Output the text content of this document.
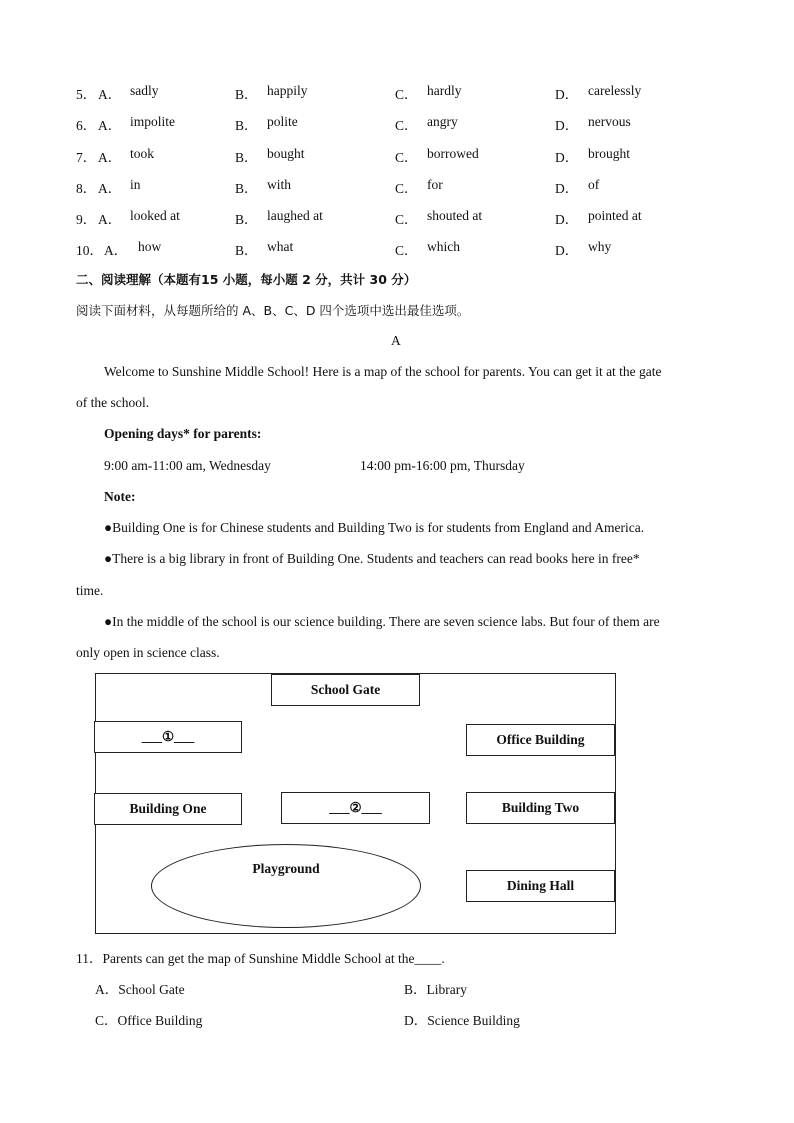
5． A． sadly	B． happily	C． hardly	D． carelessly
6． A． impolite	B． polite	C． angry	D． nervous
7． A． took	B． bought	C． borrowed	D． brought
8． A． in	B． with	C． for	D． of
9． A． looked at	B． laughed at	C． shouted at	D． pointed at
10． A． how	B． what	C． which	D． why
二、阅读理解（本题有15 小题，每小题 2 分，共计 30 分）
阅读下面材料，从每题所给的 A、B、C、D 四个选项中选出最佳选项。
A
Welcome to Sunshine Middle School! Here is a map of the school for parents. You can get it at the gate
of the school.
Opening days* for parents:
9:00 am-11:00 am, Wednesday	14:00 pm-16:00 pm, Thursday
Note:
●Building One is for Chinese students and Building Two is for students from England and America.
●There is a big library in front of Building One. Students and teachers can read books here in free*
time.
●In the middle of the school is our science building. There are seven science labs. But four of them are
only open in science class.
School Gate
___①___	Office Building
Building One	___②___	Building Two
Playground
Dining Hall
11．Parents can get the map of Sunshine Middle School at the____.
A．School Gate	B．Library
C．Office Building	D．Science Building
